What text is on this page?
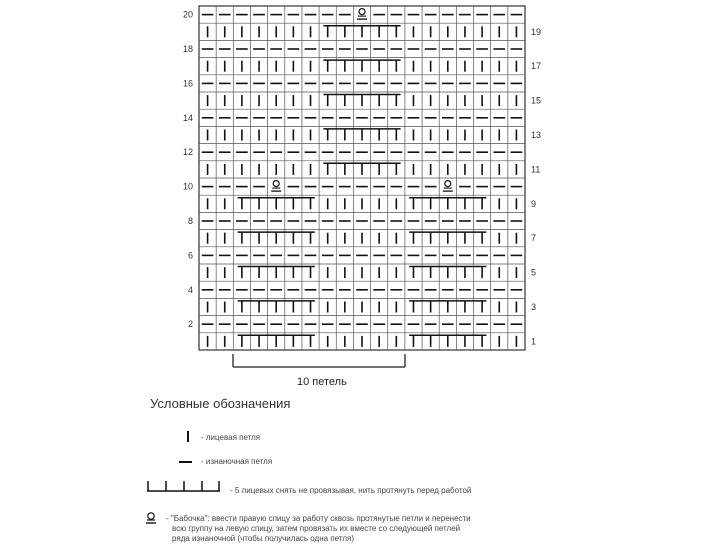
20
18
16
14
12
10
8
6
4
2
19
17
15
13
11
9
7
5
3
1
10 петель
Условные обозначения
- лицевая петля
- изнаночная петля
- 5 лицевых снять не провязывая, нить протянуть перед работой
- "Бабочка": ввести правую спицу за работу сквозь протянутые петли и перенести
всю группу на левую спицу, затем провязать их вместе со следующей петлей
ряда изнаночной (чтобы получилась одна петля)
